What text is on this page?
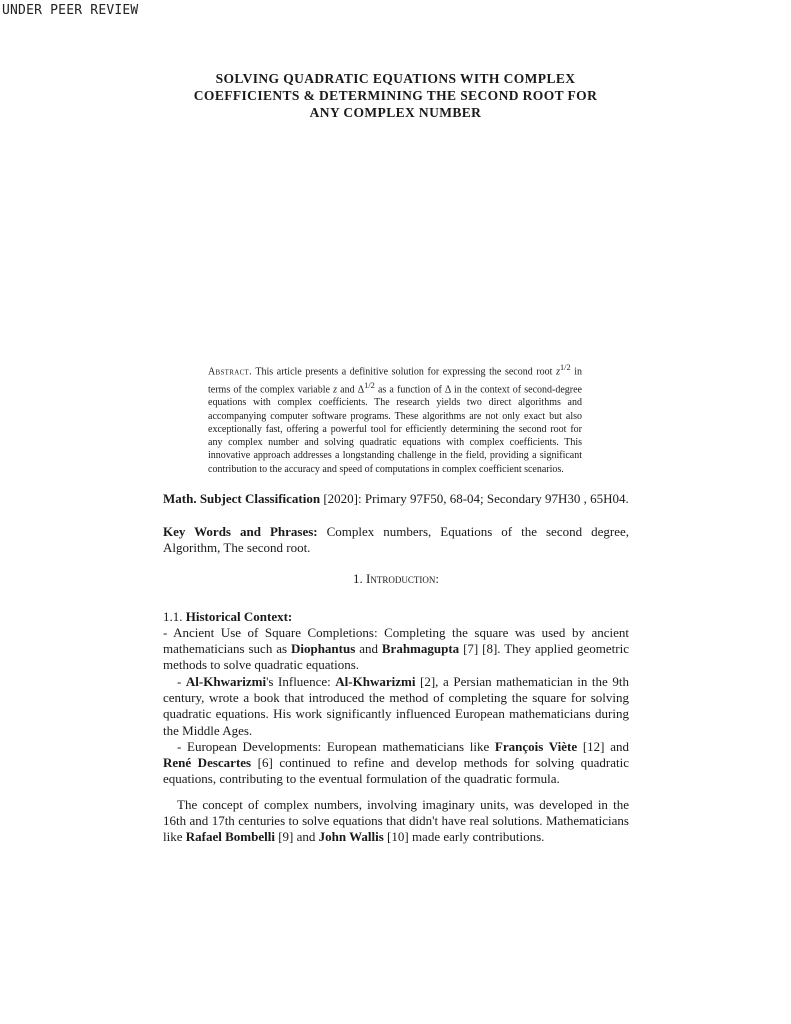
UNDER PEER REVIEW
SOLVING QUADRATIC EQUATIONS WITH COMPLEX
COEFFICIENTS & DETERMINING THE SECOND ROOT FOR
ANY COMPLEX NUMBER
Abstract. This article presents a definitive solution for expressing the second root $z^{1/2}$ in terms of the complex variable z and $\Delta^{1/2}$ as a function of Δ in the context of second-degree equations with complex coefficients. The research yields two direct algorithms and accompanying computer software programs. These algorithms are not only exact but also exceptionally fast, offering a powerful tool for efficiently determining the second root for any complex number and solving quadratic equations with complex coefficients. This innovative approach addresses a longstanding challenge in the field, providing a significant contribution to the accuracy and speed of computations in complex coefficient scenarios.

Math. Subject Classification [2020]: Primary 97F50, 68-04; Secondary 97H30 , 65H04.

Key Words and Phrases: Complex numbers, Equations of the second degree, Algorithm, The second root.

1. Introduction:

1.1. Historical Context:

- Ancient Use of Square Completions: Completing the square was used by ancient mathematicians such as Diophantus and Brahmagupta [7] [8]. They applied geometric methods to solve quadratic equations.

- Al-Khwarizmi's Influence: Al-Khwarizmi [2], a Persian mathematician in the 9th century, wrote a book that introduced the method of completing the square for solving quadratic equations. His work significantly influenced European mathematicians during the Middle Ages.

- European Developments: European mathematicians like François Viète [12] and René Descartes [6] continued to refine and develop methods for solving quadratic equations, contributing to the eventual formulation of the quadratic formula.

The concept of complex numbers, involving imaginary units, was developed in the 16th and 17th centuries to solve equations that didn't have real solutions. Mathematicians like Rafael Bombelli [9] and John Wallis [10] made early contributions.
